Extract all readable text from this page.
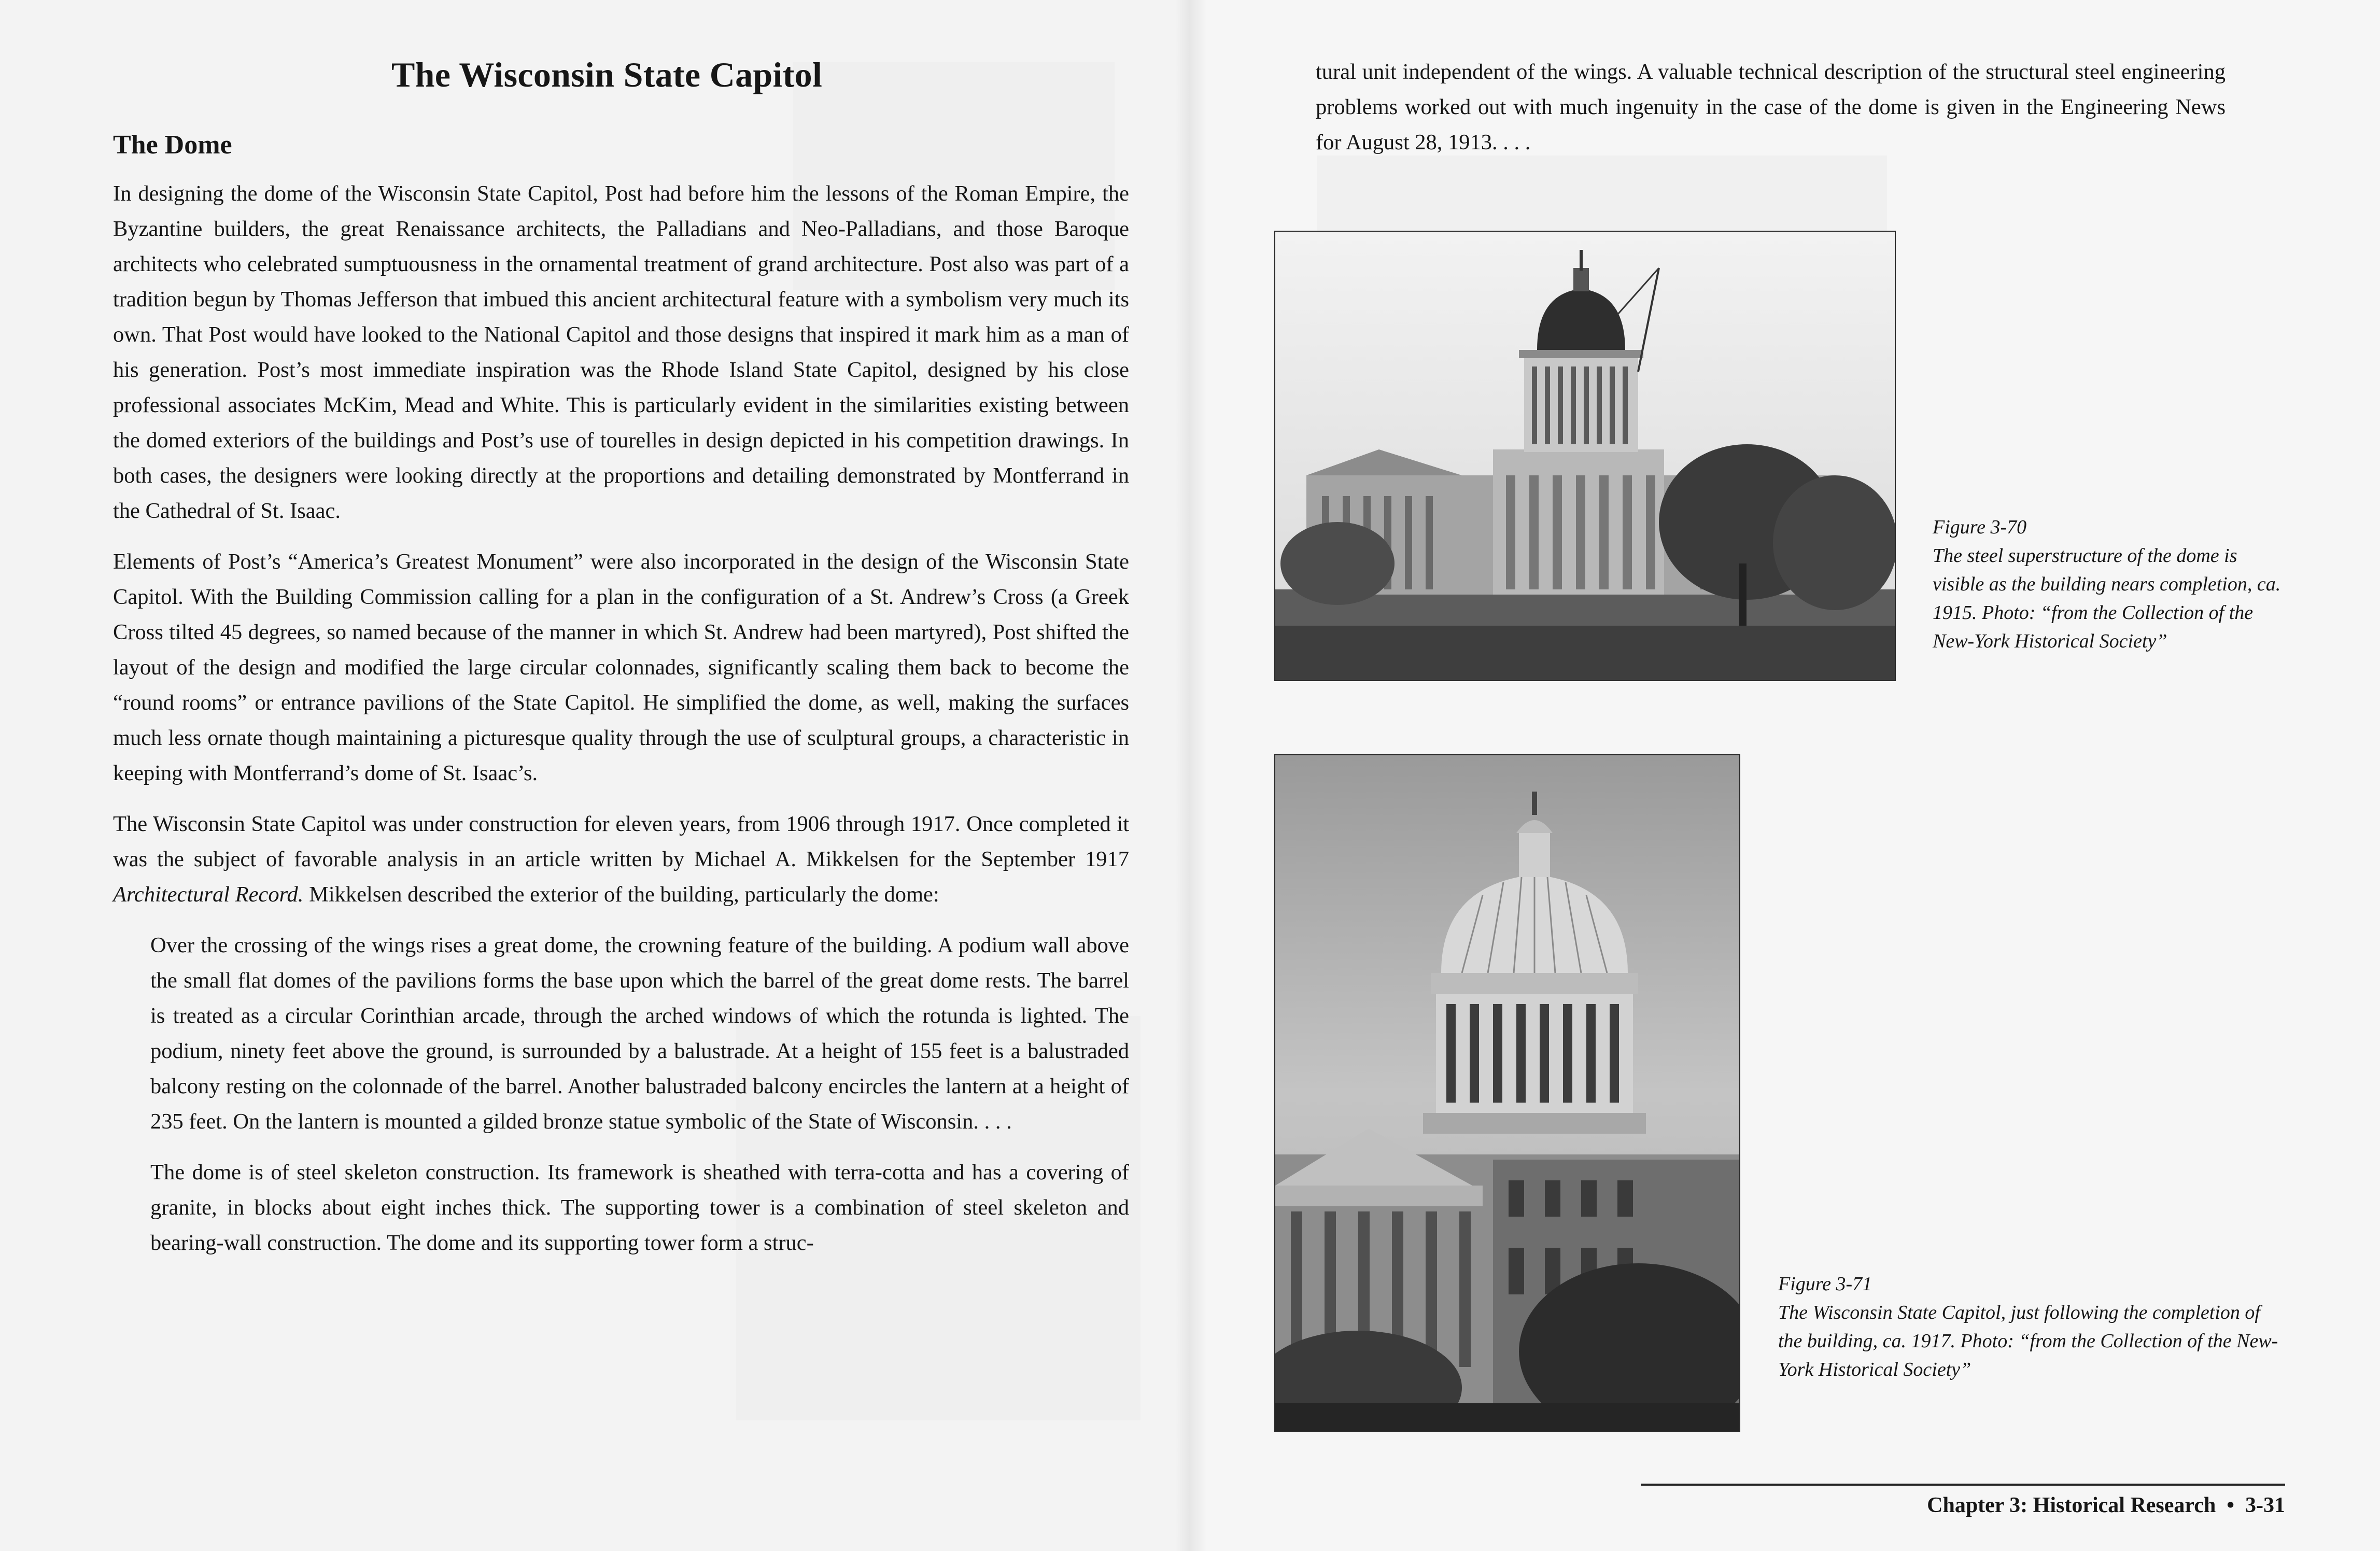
The Wisconsin State Capitol
The Dome

In designing the dome of the Wisconsin State Capitol, Post had before him the lessons of the Roman Empire, the Byzantine builders, the great Renaissance architects, the Palladians and Neo-Palladians, and those Baroque architects who celebrated sumptuousness in the ornamental treatment of grand architecture. Post also was part of a tradition begun by Thomas Jefferson that imbued this ancient architectural feature with a symbolism very much its own. That Post would have looked to the National Capitol and those designs that inspired it mark him as a man of his generation. Post’s most immediate inspiration was the Rhode Island State Capitol, designed by his close professional associates McKim, Mead and White. This is particularly evident in the similarities existing between the domed exteriors of the buildings and Post’s use of tourelles in design depicted in his competition drawings. In both cases, the designers were looking directly at the proportions and detailing demonstrated by Montferrand in the Cathedral of St. Isaac.

Elements of Post’s “America’s Greatest Monument” were also incorporated in the design of the Wisconsin State Capitol. With the Building Commission calling for a plan in the configuration of a St. Andrew’s Cross (a Greek Cross tilted 45 degrees, so named because of the manner in which St. Andrew had been martyred), Post shifted the layout of the design and modified the large circular colonnades, significantly scaling them back to become the “round rooms” or entrance pavilions of the State Capitol. He simplified the dome, as well, making the surfaces much less ornate though maintaining a picturesque quality through the use of sculptural groups, a characteristic in keeping with Montferrand’s dome of St. Isaac’s.

The Wisconsin State Capitol was under construction for eleven years, from 1906 through 1917. Once completed it was the subject of favorable analysis in an article written by Michael A. Mikkelsen for the September 1917 Architectural Record. Mikkelsen described the exterior of the building, particularly the dome:

Over the crossing of the wings rises a great dome, the crowning feature of the building. A podium wall above the small flat domes of the pavilions forms the base upon which the barrel of the great dome rests. The barrel is treated as a circular Corinthian arcade, through the arched windows of which the rotunda is lighted. The podium, ninety feet above the ground, is surrounded by a balustrade. At a height of 155 feet is a balustraded balcony resting on the colonnade of the barrel. Another balustraded balcony encircles the lantern at a height of 235 feet. On the lantern is mounted a gilded bronze statue symbolic of the State of Wisconsin. . . .

The dome is of steel skeleton construction. Its framework is sheathed with terra-cotta and has a covering of granite, in blocks about eight inches thick. The supporting tower is a combination of steel skeleton and bearing-wall construction. The dome and its supporting tower form a struc-

tural unit independent of the wings. A valuable technical description of the structural steel engineering problems worked out with much ingenuity in the case of the dome is given in the Engineering News for August 28, 1913. . . .

Figure 3-70
The steel superstructure of the dome is visible as the building nears completion, ca. 1915. Photo: “from the Collection of the New-York Historical Society”
Figure 3-71
The Wisconsin State Capitol, just following the completion of the building, ca. 1917. Photo: “from the Collection of the New-York Historical Society”

Chapter 3: Historical Research  •  3-31
